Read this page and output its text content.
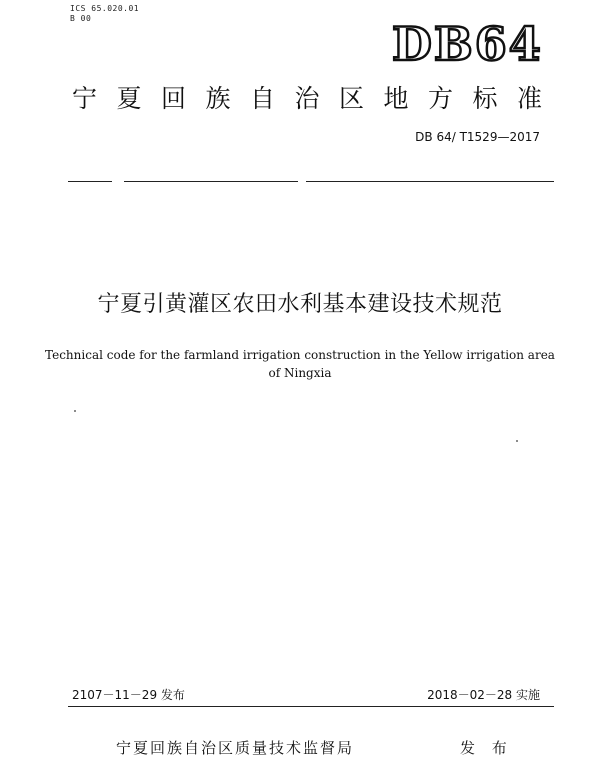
ICS 65.020.01
B 00	DB64
宁 夏 回 族 自 治 区 地 方 标 准
DB 64/ T1529—2017
宁夏引黄灌区农田水利基本建设技术规范
Technical code for the farmland irrigation construction in the Yellow irrigation area
of Ningxia
2107－11－29 发布	2018－02－28 实施
宁夏回族自治区质量技术监督局	发 布
